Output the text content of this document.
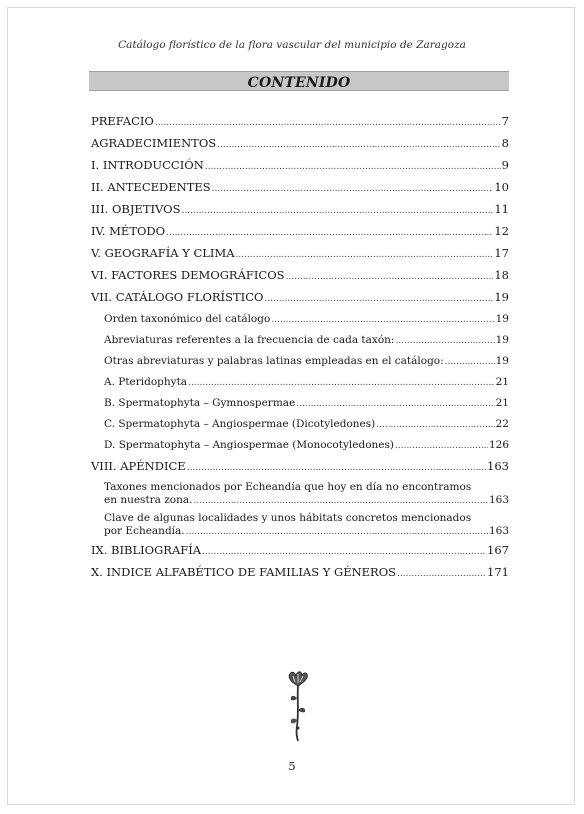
Catálogo florístico de la flora vascular del municipio de Zaragoza
CONTENIDO
PREFACIO .....	7
AGRADECIMIENTOS .....	8
I. INTRODUCCIÓN .....	9
II. ANTECEDENTES .....	10
III. OBJETIVOS .....	11
IV. MÉTODO .....	12
V. GEOGRAFÍA Y CLIMA .....	17
VI. FACTORES DEMOGRÁFICOS .....	18
VII. CATÁLOGO FLORÍSTICO .....	19
Orden taxonómico del catálogo .....	19
Abreviaturas referentes a la frecuencia de cada taxón: .....	19
Otras abreviaturas y palabras latinas empleadas en el catálogo: .....	19
A. Pteridophyta .....	21
B. Spermatophyta – Gymnospermae .....	21
C. Spermatophyta – Angiospermae (Dicotyledones) .....	22
D. Spermatophyta – Angiospermae (Monocotyledones) .....	126
VIII. APÉNDICE .....	163
Taxones mencionados por Echeandía que hoy en día no encontramos
en nuestra zona. .....	163
Clave de algunas localidades y unos hábitats concretos mencionados
por Echeandía. .....	163
IX. BIBLIOGRAFÍA .....	167
X. INDICE ALFABÉTICO DE FAMILIAS Y GÉNEROS .....	171
5
